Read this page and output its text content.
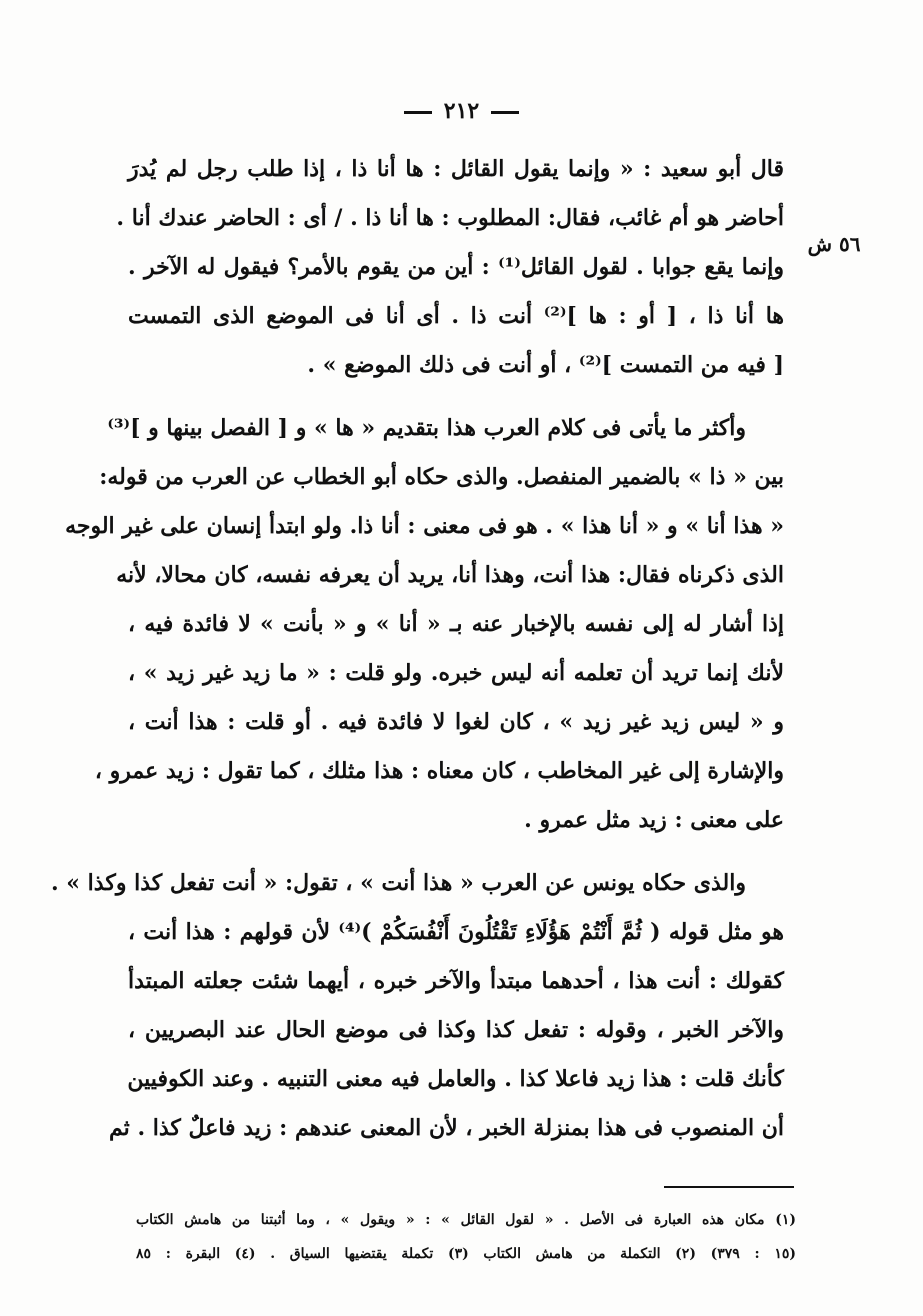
٢١٢
٥٦ ش
قال أبو سعيد : « وإنما يقول القائل : ها أنا ذا ، إذا طلب رجل لم يُدرَ
أحاضر هو أم غائب، فقال: المطلوب : ها أنا ذا . / أى : الحاضر عندك أنا .
وإنما يقع جوابا . لقول القائل⁽¹⁾ : أين من يقوم بالأمر؟ فيقول له الآخر .
ها أنا ذا ، [ أو : ها ]⁽²⁾ أنت ذا . أى أنا فى الموضع الذى التمست
[ فيه من التمست ]⁽²⁾ ، أو أنت فى ذلك الموضع » .
وأكثر ما يأتى فى كلام العرب هذا بتقديم « ها » و [ الفصل بينها و ]⁽³⁾
بين « ذا » بالضمير المنفصل. والذى حكاه أبو الخطاب عن العرب من قوله:
« هذا أنا » و « أنا هذا » . هو فى معنى : أنا ذا. ولو ابتدأ إنسان على غير الوجه
الذى ذكرناه فقال: هذا أنت، وهذا أنا، يريد أن يعرفه نفسه، كان محالا، لأنه
إذا أشار له إلى نفسه بالإخبار عنه بـ « أنا » و « بأنت » لا فائدة فيه ،
لأنك إنما تريد أن تعلمه أنه ليس خبره. ولو قلت : « ما زيد غير زيد » ،
و « ليس زيد غير زيد » ، كان لغوا لا فائدة فيه . أو قلت : هذا أنت ،
والإشارة إلى غير المخاطب ، كان معناه : هذا مثلك ، كما تقول : زيد عمرو ،
على معنى : زيد مثل عمرو .
والذى حكاه يونس عن العرب « هذا أنت » ، تقول: « أنت تفعل كذا وكذا » .
هو مثل قوله ( ثُمَّ أَنْتُمْ هَؤُلَاءِ تَقْتُلُونَ أَنْفُسَكُمْ )⁽⁴⁾ لأن قولهم : هذا أنت ،
كقولك : أنت هذا ، أحدهما مبتدأ والآخر خبره ، أيهما شئت جعلته المبتدأ
والآخر الخبر ، وقوله : تفعل كذا وكذا فى موضع الحال عند البصريين ،
كأنك قلت : هذا زيد فاعلا كذا . والعامل فيه معنى التنبيه . وعند الكوفيين
أن المنصوب فى هذا بمنزلة الخبر ، لأن المعنى عندهم : زيد فاعلٌ كذا . ثم
(١) مكان هذه العبارة فى الأصل . « لقول القائل » : « ويقول » ، وما أثبتنا من هامش الكتاب
(١٥ : ٣٧٩) (٢) التكملة من هامش الكتاب (٣) تكملة يقتضيها السياق . (٤) البقرة : ٨٥
